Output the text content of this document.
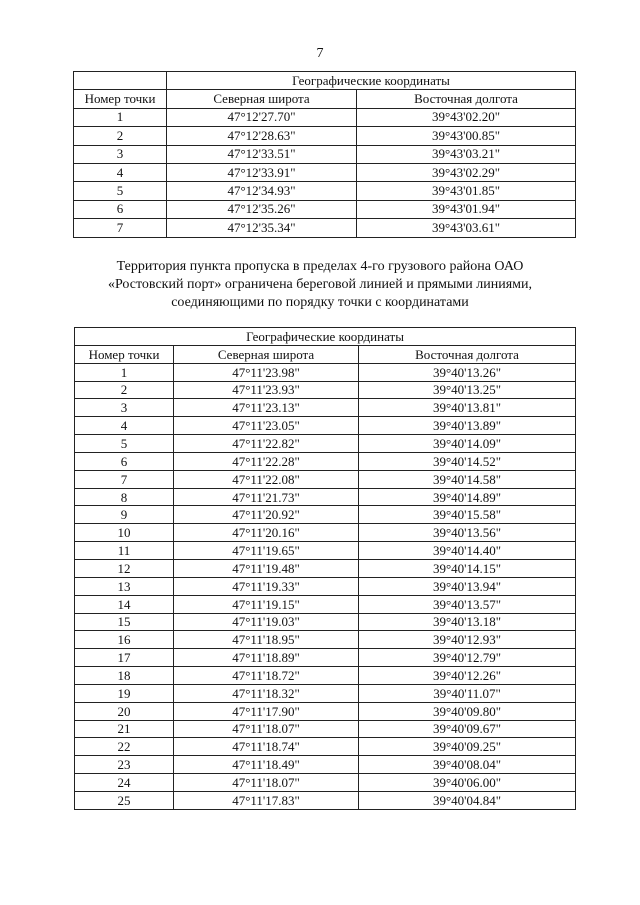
7
	Географические координаты	
Номер точки	Северная широта	Восточная долгота
1	47°12'27.70"	39°43'02.20"
2	47°12'28.63"	39°43'00.85"
3	47°12'33.51"	39°43'03.21"
4	47°12'33.91"	39°43'02.29"
5	47°12'34.93"	39°43'01.85"
6	47°12'35.26"	39°43'01.94"
7	47°12'35.34"	39°43'03.61"
Территория пункта пропуска в пределах 4-го грузового района ОАО
«Ростовский порт» ограничена береговой линией и прямыми линиями,
соединяющими по порядку точки с координатами
Географические координаты		
Номер точки	Северная широта	Восточная долгота
1	47°11'23.98"	39°40'13.26"
2	47°11'23.93"	39°40'13.25"
3	47°11'23.13"	39°40'13.81"
4	47°11'23.05"	39°40'13.89"
5	47°11'22.82"	39°40'14.09"
6	47°11'22.28"	39°40'14.52"
7	47°11'22.08"	39°40'14.58"
8	47°11'21.73"	39°40'14.89"
9	47°11'20.92"	39°40'15.58"
10	47°11'20.16"	39°40'13.56"
11	47°11'19.65"	39°40'14.40"
12	47°11'19.48"	39°40'14.15"
13	47°11'19.33"	39°40'13.94"
14	47°11'19.15"	39°40'13.57"
15	47°11'19.03"	39°40'13.18"
16	47°11'18.95"	39°40'12.93"
17	47°11'18.89"	39°40'12.79"
18	47°11'18.72"	39°40'12.26"
19	47°11'18.32"	39°40'11.07"
20	47°11'17.90"	39°40'09.80"
21	47°11'18.07"	39°40'09.67"
22	47°11'18.74"	39°40'09.25"
23	47°11'18.49"	39°40'08.04"
24	47°11'18.07"	39°40'06.00"
25	47°11'17.83"	39°40'04.84"
